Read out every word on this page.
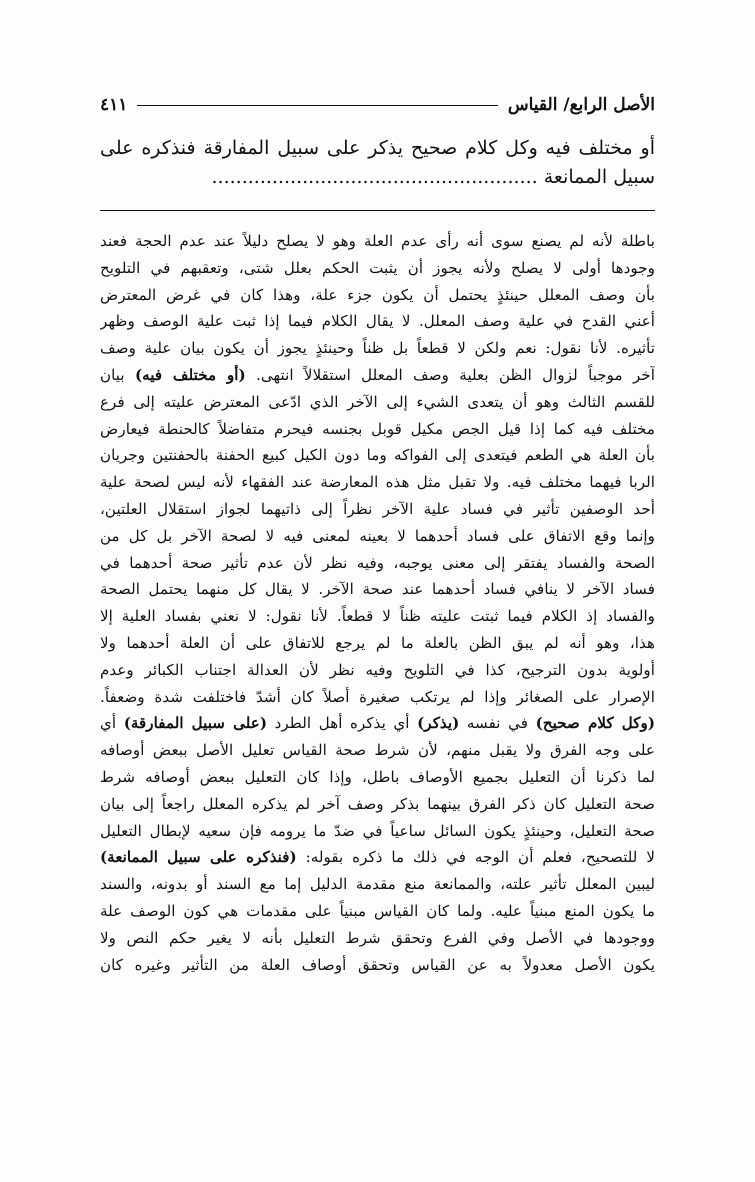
الأصل الرابع/ القياس
٤١١
أو مختلف فيه وكل كلام صحيح يذكر على سبيل المفارقة فنذكره على سبيل الممانعة ......................................................
باطلة لأنه لم يصنع سوى أنه رأى عدم العلة وهو لا يصلح دليلاً عند عدم الحجة فعند
وجودها أولى لا يصلح ولأنه يجوز أن يثبت الحكم بعلل شتى، وتعقبهم في التلويح
بأن وصف المعلل حينئذٍ يحتمل أن يكون جزء علة، وهذا كان في غرض المعترض
أعني القدح في علية وصف المعلل. لا يقال الكلام فيما إذا ثبت علية الوصف وظهر
تأثيره. لأنا نقول: نعم ولكن لا قطعاً بل ظناً وحينئذٍ يجوز أن يكون بيان علية وصف
آخر موجباً لزوال الظن بعلية وصف المعلل استقلالاً انتهى. (أو مختلف فيه) بيان
للقسم الثالث وهو أن يتعدى الشيء إلى الآخر الذي ادّعى المعترض عليته إلى فرع
مختلف فيه كما إذا قيل الجص مكيل قوبل بجنسه فيحرم متفاضلاً كالحنطة فيعارض
بأن العلة هي الطعم فيتعدى إلى الفواكه وما دون الكيل كبيع الحفنة بالحفنتين وجريان
الربا فيهما مختلف فيه. ولا تقبل مثل هذه المعارضة عند الفقهاء لأنه ليس لصحة علية
أحد الوصفين تأثير في فساد علية الآخر نظراً إلى ذاتيهما لجواز استقلال العلتين،
وإنما وقع الاتفاق على فساد أحدهما لا بعينه لمعنى فيه لا لصحة الآخر بل كل من
الصحة والفساد يفتقر إلى معنى يوجبه، وفيه نظر لأن عدم تأثير صحة أحدهما في
فساد الآخر لا ينافي فساد أحدهما عند صحة الآخر. لا يقال كل منهما يحتمل الصحة
والفساد إذ الكلام فيما ثبتت عليته ظناً لا قطعاً. لأنا نقول: لا نعني بفساد العلية إلا
هذا، وهو أنه لم يبق الظن بالعلة ما لم يرجع للاتفاق على أن العلة أحدهما ولا
أولوية بدون الترجيح، كذا في التلويح وفيه نظر لأن العدالة اجتناب الكبائر وعدم
الإصرار على الصغائر وإذا لم يرتكب صغيرة أصلاً كان أشدّ فاختلفت شدة وضعفاً.
(وكل كلام صحيح) في نفسه (يذكر) أي يذكره أهل الطرد (على سبيل المفارقة) أي
على وجه الفرق ولا يقبل منهم، لأن شرط صحة القياس تعليل الأصل ببعض أوصافه
لما ذكرنا أن التعليل بجميع الأوصاف باطل، وإذا كان التعليل ببعض أوصافه شرط
صحة التعليل كان ذكر الفرق بينهما بذكر وصف آخر لم يذكره المعلل راجعاً إلى بيان
صحة التعليل، وحينئذٍ يكون السائل ساعياً في ضدّ ما يرومه فإن سعيه لإبطال التعليل
لا للتصحيح، فعلم أن الوجه في ذلك ما ذكره بقوله: (فنذكره على سبيل الممانعة)
ليبين المعلل تأثير علته، والممانعة منع مقدمة الدليل إما مع السند أو بدونه، والسند
ما يكون المنع مبنياً عليه. ولما كان القياس مبنياً على مقدمات هي كون الوصف علة
ووجودها في الأصل وفي الفرع وتحقق شرط التعليل بأنه لا يغير حكم النص ولا
يكون الأصل معدولاً به عن القياس وتحقق أوصاف العلة من التأثير وغيره كان
